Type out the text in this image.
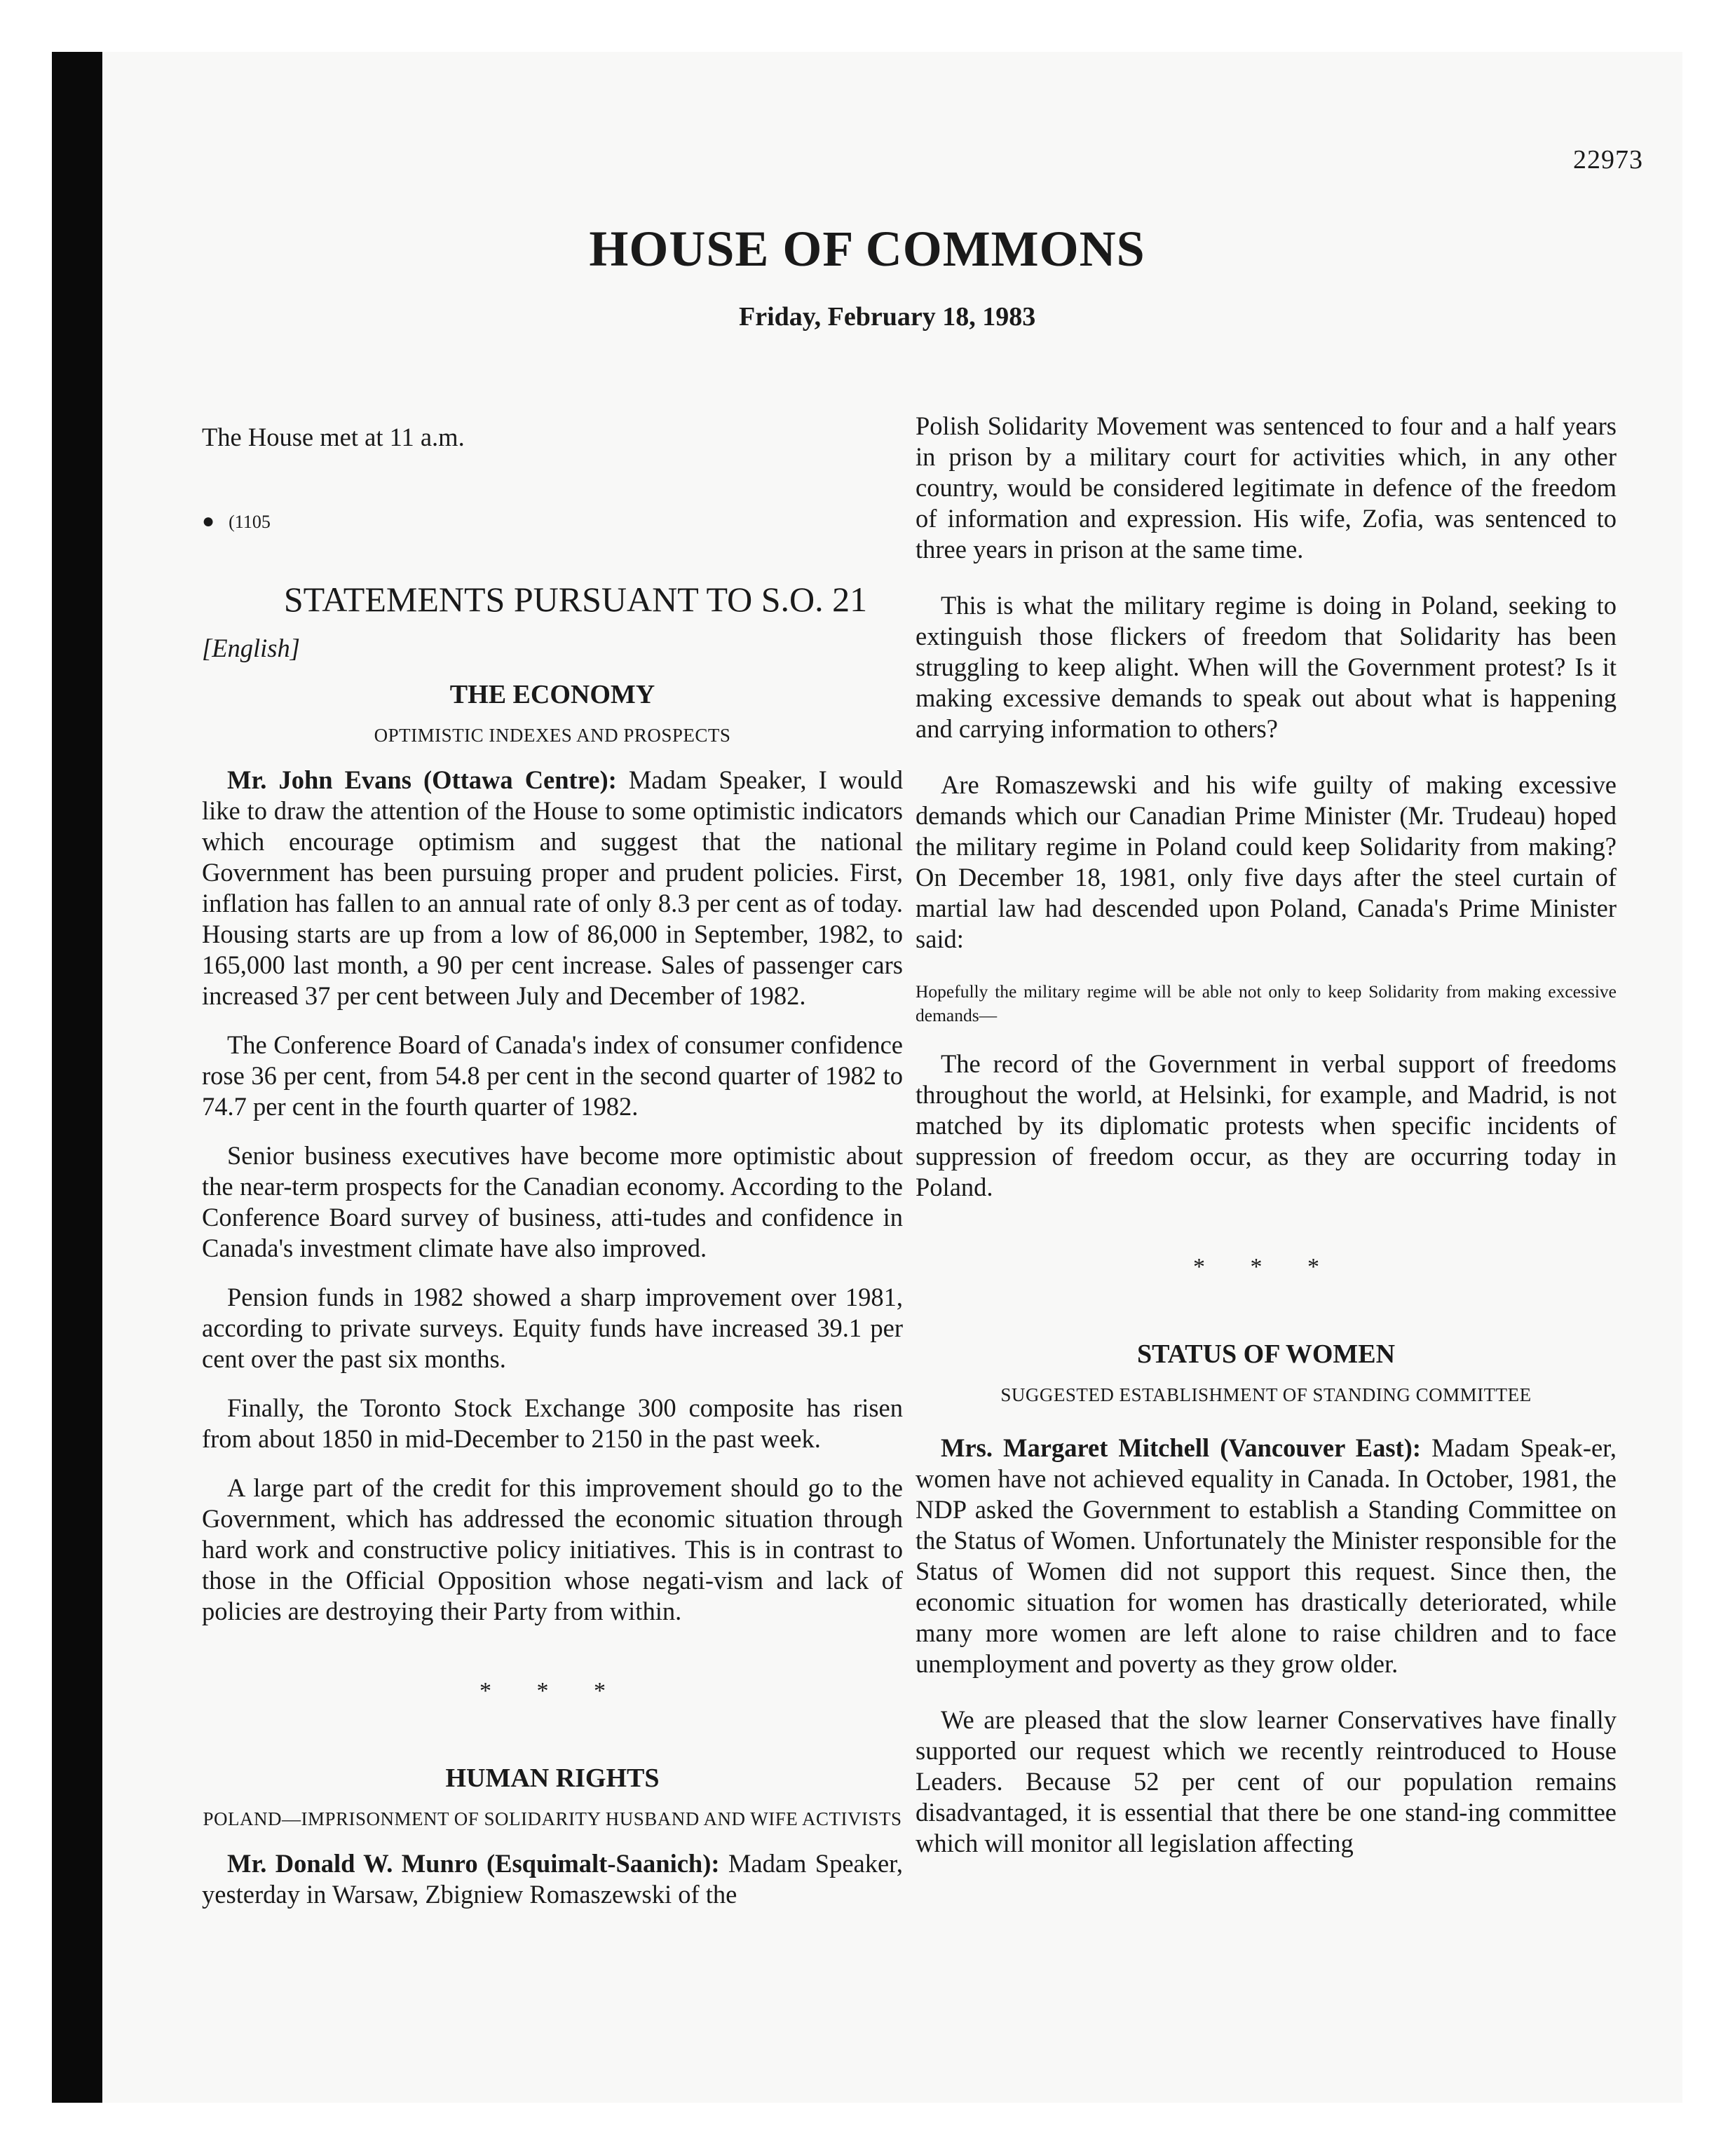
22973
HOUSE OF COMMONS
Friday, February 18, 1983

The House met at 11 a.m.

● (1105
STATEMENTS PURSUANT TO S.O. 21
[English]
THE ECONOMY
OPTIMISTIC INDEXES AND PROSPECTS

Mr. John Evans (Ottawa Centre): Madam Speaker, I would like to draw the attention of the House to some optimistic indicators which encourage optimism and suggest that the national Government has been pursuing proper and prudent policies. First, inflation has fallen to an annual rate of only 8.3 per cent as of today. Housing starts are up from a low of 86,000 in September, 1982, to 165,000 last month, a 90 per cent increase. Sales of passenger cars increased 37 per cent between July and December of 1982.

The Conference Board of Canada's index of consumer confidence rose 36 per cent, from 54.8 per cent in the second quarter of 1982 to 74.7 per cent in the fourth quarter of 1982.

Senior business executives have become more optimistic about the near-term prospects for the Canadian economy. According to the Conference Board survey of business, atti-tudes and confidence in Canada's investment climate have also improved.

Pension funds in 1982 showed a sharp improvement over 1981, according to private surveys. Equity funds have increased 39.1 per cent over the past six months.

Finally, the Toronto Stock Exchange 300 composite has risen from about 1850 in mid-December to 2150 in the past week.

A large part of the credit for this improvement should go to the Government, which has addressed the economic situation through hard work and constructive policy initiatives. This is in contrast to those in the Official Opposition whose negati-vism and lack of policies are destroying their Party from within.

* * *
HUMAN RIGHTS
POLAND—IMPRISONMENT OF SOLIDARITY HUSBAND AND WIFE ACTIVISTS

Mr. Donald W. Munro (Esquimalt-Saanich): Madam Speaker, yesterday in Warsaw, Zbigniew Romaszewski of the

Polish Solidarity Movement was sentenced to four and a half years in prison by a military court for activities which, in any other country, would be considered legitimate in defence of the freedom of information and expression. His wife, Zofia, was sentenced to three years in prison at the same time.

This is what the military regime is doing in Poland, seeking to extinguish those flickers of freedom that Solidarity has been struggling to keep alight. When will the Government protest? Is it making excessive demands to speak out about what is happening and carrying information to others?

Are Romaszewski and his wife guilty of making excessive demands which our Canadian Prime Minister (Mr. Trudeau) hoped the military regime in Poland could keep Solidarity from making? On December 18, 1981, only five days after the steel curtain of martial law had descended upon Poland, Canada's Prime Minister said:

Hopefully the military regime will be able not only to keep Solidarity from making excessive demands—

The record of the Government in verbal support of freedoms throughout the world, at Helsinki, for example, and Madrid, is not matched by its diplomatic protests when specific incidents of suppression of freedom occur, as they are occurring today in Poland.

* * *
STATUS OF WOMEN
SUGGESTED ESTABLISHMENT OF STANDING COMMITTEE

Mrs. Margaret Mitchell (Vancouver East): Madam Speak-er, women have not achieved equality in Canada. In October, 1981, the NDP asked the Government to establish a Standing Committee on the Status of Women. Unfortunately the Minister responsible for the Status of Women did not support this request. Since then, the economic situation for women has drastically deteriorated, while many more women are left alone to raise children and to face unemployment and poverty as they grow older.

We are pleased that the slow learner Conservatives have finally supported our request which we recently reintroduced to House Leaders. Because 52 per cent of our population remains disadvantaged, it is essential that there be one stand-ing committee which will monitor all legislation affecting
